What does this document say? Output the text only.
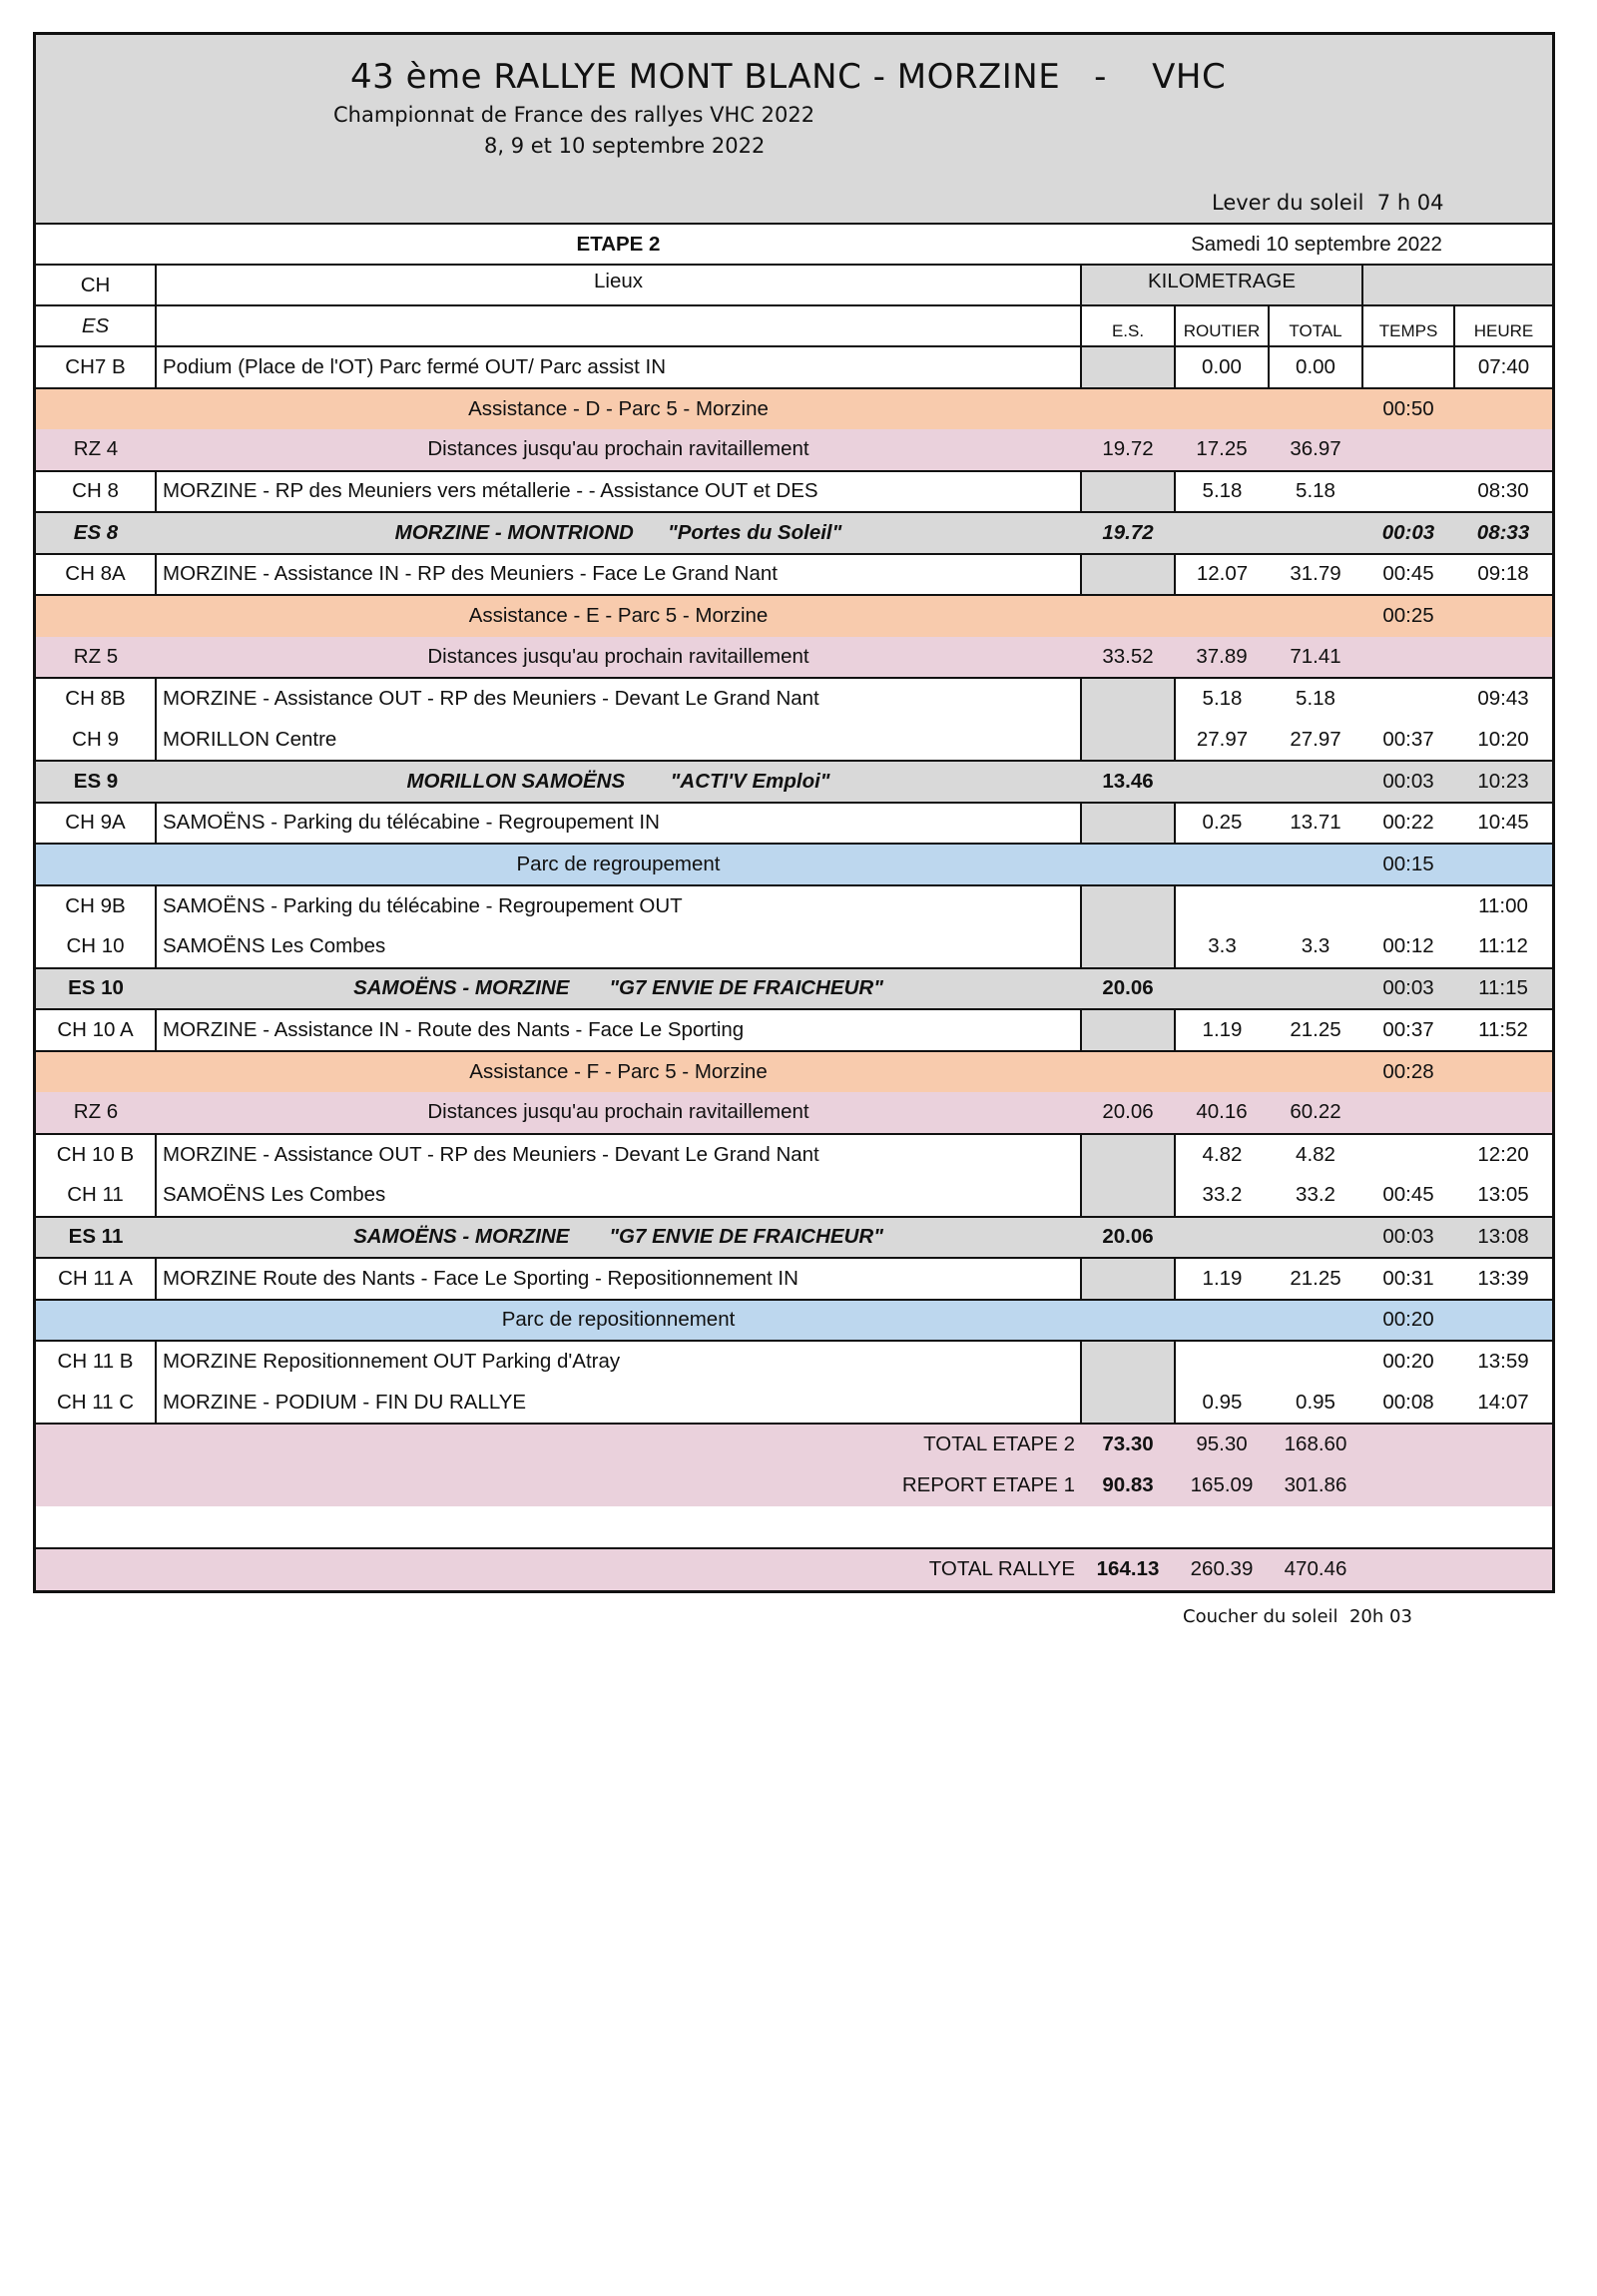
43 ème RALLYE MONT BLANC - MORZINE   -    VHC
Championnat de France des rallyes VHC 2022
8, 9 et 10 septembre 2022
Lever du soleil  7 h 04
	ETAPE 2	Samedi 10 septembre 2022				
CH	Lieux	KILOMETRAGE				
ES		E.S.	ROUTIER	TOTAL	TEMPS	HEURE
CH7 B	Podium (Place de l'OT) Parc fermé OUT/ Parc assist IN		0.00	0.00		07:40
	Assistance - D - Parc 5 - Morzine				00:50	
RZ 4	Distances jusqu'au prochain ravitaillement	19.72	17.25	36.97		
CH 8	MORZINE - RP des Meuniers vers métallerie - - Assistance OUT et DES		5.18	5.18		08:30
ES 8	MORZINE - MONTRIOND      "Portes du Soleil"	19.72			00:03	08:33
CH 8A	MORZINE - Assistance IN - RP des Meuniers - Face Le Grand Nant		12.07	31.79	00:45	09:18
	Assistance - E - Parc 5 - Morzine				00:25	
RZ 5	Distances jusqu'au prochain ravitaillement	33.52	37.89	71.41		
CH 8B	MORZINE - Assistance OUT - RP des Meuniers - Devant Le Grand Nant		5.18	5.18		09:43
CH 9	MORILLON Centre		27.97	27.97	00:37	10:20
ES 9	MORILLON SAMOËNS        "ACTI'V Emploi"	13.46			00:03	10:23
CH 9A	SAMOËNS - Parking du télécabine - Regroupement IN		0.25	13.71	00:22	10:45
	Parc de regroupement				00:15	
CH 9B	SAMOËNS - Parking du télécabine - Regroupement OUT					11:00
CH 10	SAMOËNS Les Combes		3.3	3.3	00:12	11:12
ES 10	SAMOËNS - MORZINE       "G7 ENVIE DE FRAICHEUR"	20.06			00:03	11:15
CH 10 A	MORZINE - Assistance IN - Route des Nants - Face Le Sporting		1.19	21.25	00:37	11:52
	Assistance - F - Parc 5 - Morzine				00:28	
RZ 6	Distances jusqu'au prochain ravitaillement	20.06	40.16	60.22		
CH 10 B	MORZINE - Assistance OUT - RP des Meuniers - Devant Le Grand Nant		4.82	4.82		12:20
CH 11	SAMOËNS Les Combes		33.2	33.2	00:45	13:05
ES 11	SAMOËNS - MORZINE       "G7 ENVIE DE FRAICHEUR"	20.06			00:03	13:08
CH 11 A	MORZINE Route des Nants - Face Le Sporting - Repositionnement IN		1.19	21.25	00:31	13:39
	Parc de repositionnement				00:20	
CH 11 B	MORZINE Repositionnement OUT Parking d'Atray				00:20	13:59
CH 11 C	MORZINE - PODIUM - FIN DU RALLYE		0.95	0.95	00:08	14:07
TOTAL ETAPE 2		73.30	95.30	168.60		
REPORT ETAPE 1		90.83	165.09	301.86		

TOTAL RALLYE		164.13	260.39	470.46		
Coucher du soleil  20h 03
